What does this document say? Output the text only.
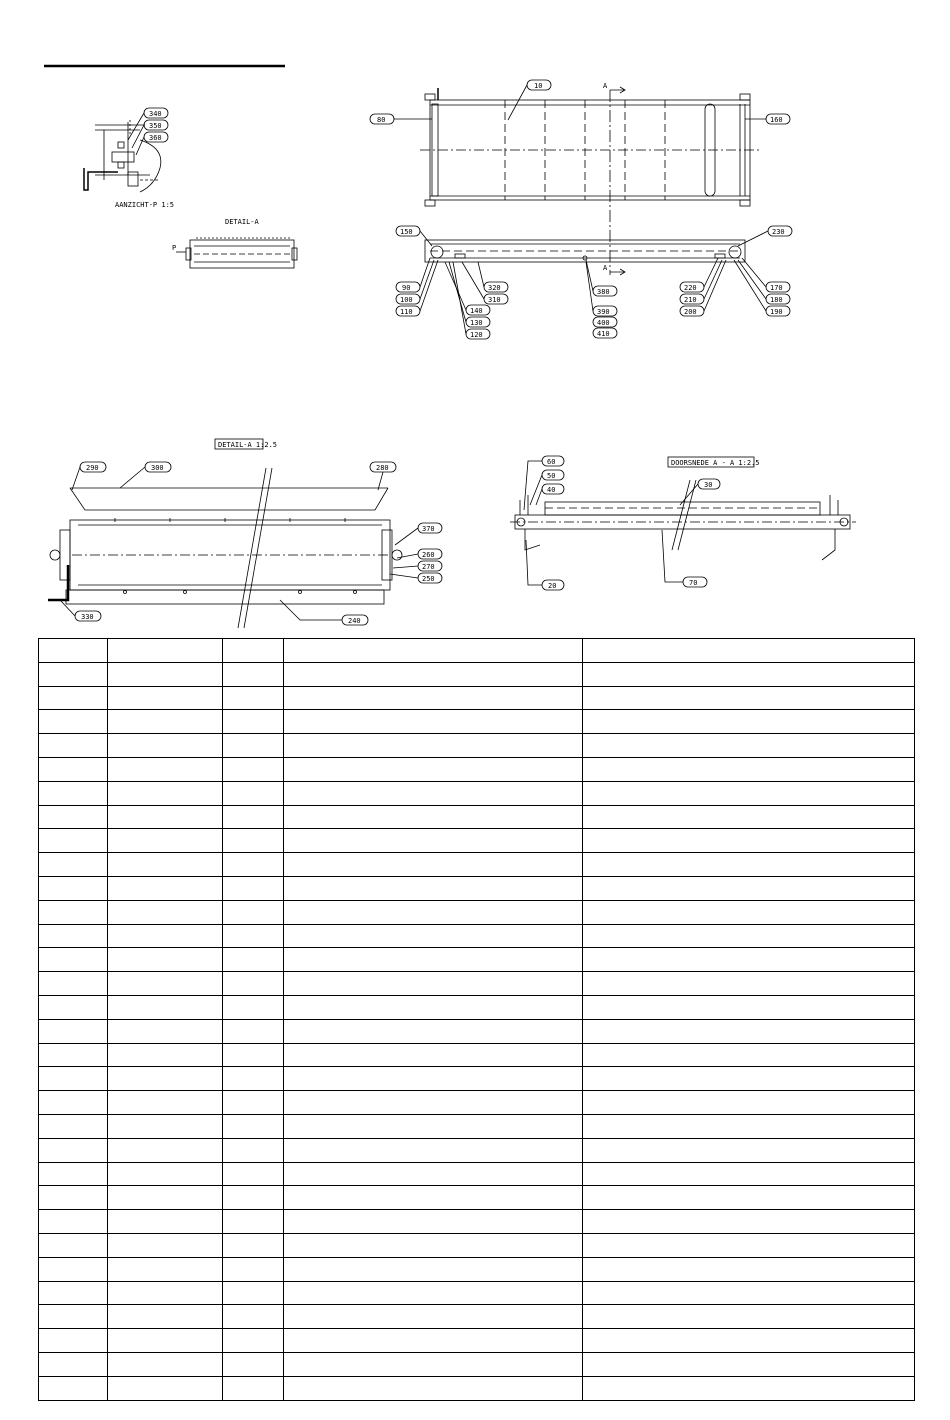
340
350
360
AANZICHT-P 1:5
DETAIL-A
P
A
A
10
80	160
150
90
100
110	140
130
120
310
320	380
390
400
410
230
220
210
200
170
180
190
DETAIL-A 1:2.5
290	300	280
370
260
270
250
330	240
DOORSNEDE A - A 1:2.5
60
50
40
20
30
70
